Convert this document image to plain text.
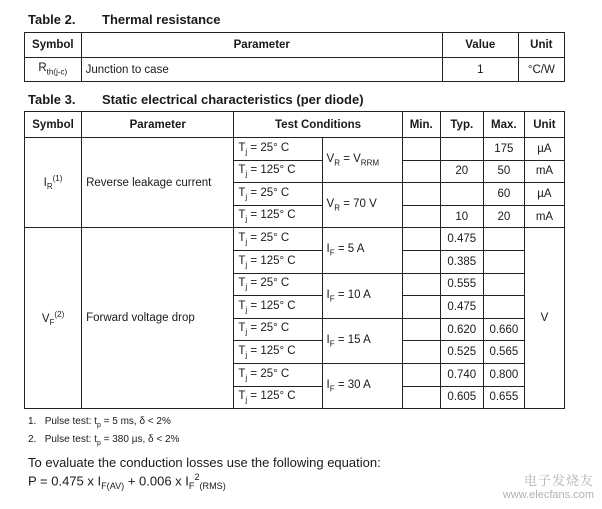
Table 2. Thermal resistance
Symbol	Parameter	Value	Unit
$R_{th(j-c)}$	Junction to case	1	°C/W
Table 3. Static electrical characteristics (per diode)
Symbol	Parameter	Test Conditions		Min.	Typ.	Max.	Unit
$I_R^{(1)}$	Reverse leakage current	$T_j = 25^\circ$ C	$V_R = V_{RRM}$			175	µA
		$T_j = 125^\circ$ C			20	50	mA
		$T_j = 25^\circ$ C	$V_R = 70$ V			60	µA
		$T_j = 125^\circ$ C			10	20	mA
$V_F^{(2)}$	Forward voltage drop	$T_j = 25^\circ$ C	$I_F = 5$ A		0.475		V
		$T_j = 125^\circ$ C			0.385		
		$T_j = 25^\circ$ C	$I_F = 10$ A		0.555		
		$T_j = 125^\circ$ C			0.475		
		$T_j = 25^\circ$ C	$I_F = 15$ A		0.620	0.660	
		$T_j = 125^\circ$ C			0.525	0.565	
		$T_j = 25^\circ$ C	$I_F = 30$ A		0.740	0.800	
		$T_j = 125^\circ$ C			0.605	0.655	
1. Pulse test: $t_p = 5$ ms, δ < 2%
2. Pulse test: $t_p = 380$ µs, δ < 2%
To evaluate the conduction losses use the following equation:
P = 0.475 x $I_{F(AV)} + 0.006$ x $I_F^2_{(RMS)}$	电子发烧友
www.elecfans.com
